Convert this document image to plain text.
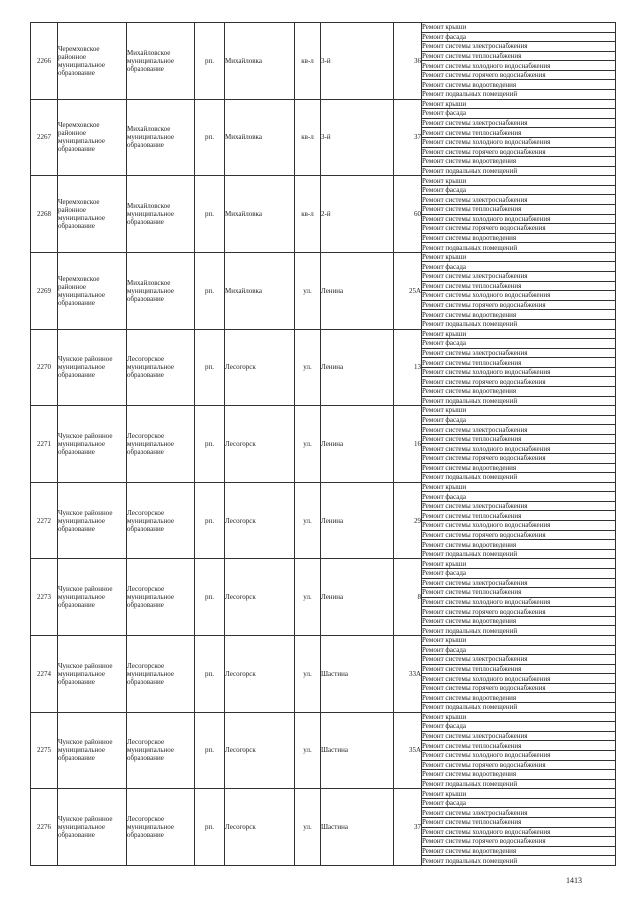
2266	Черемховское районное муниципальное образование	Михайловское муниципальное образование	рп.	Михайловка	кв-л	3-й	36	Ремонт крыши
								Ремонт фасада
								Ремонт системы электроснабжения
								Ремонт системы теплоснабжения
								Ремонт системы холодного водоснабжения
								Ремонт системы горячего водоснабжения
								Ремонт системы водоотведения
								Ремонт подвальных помещений
2267	Черемховское районное муниципальное образование	Михайловское муниципальное образование	рп.	Михайловка	кв-л	3-й	37	Ремонт крыши
								Ремонт фасада
								Ремонт системы электроснабжения
								Ремонт системы теплоснабжения
								Ремонт системы холодного водоснабжения
								Ремонт системы горячего водоснабжения
								Ремонт системы водоотведения
								Ремонт подвальных помещений
2268	Черемховское районное муниципальное образование	Михайловское муниципальное образование	рп.	Михайловка	кв-л	2-й	60	Ремонт крыши
								Ремонт фасада
								Ремонт системы электроснабжения
								Ремонт системы теплоснабжения
								Ремонт системы холодного водоснабжения
								Ремонт системы горячего водоснабжения
								Ремонт системы водоотведения
								Ремонт подвальных помещений
2269	Черемховское районное муниципальное образование	Михайловское муниципальное образование	рп.	Михайловка	ул.	Ленина	25А	Ремонт крыши
								Ремонт фасада
								Ремонт системы электроснабжения
								Ремонт системы теплоснабжения
								Ремонт системы холодного водоснабжения
								Ремонт системы горячего водоснабжения
								Ремонт системы водоотведения
								Ремонт подвальных помещений
2270	Чунское районное муниципальное образование	Лесогорское муниципальное образование	рп.	Лесогорск	ул.	Ленина	13	Ремонт крыши
								Ремонт фасада
								Ремонт системы электроснабжения
								Ремонт системы теплоснабжения
								Ремонт системы холодного водоснабжения
								Ремонт системы горячего водоснабжения
								Ремонт системы водоотведения
								Ремонт подвальных помещений
2271	Чунское районное муниципальное образование	Лесогорское муниципальное образование	рп.	Лесогорск	ул.	Ленина	16	Ремонт крыши
								Ремонт фасада
								Ремонт системы электроснабжения
								Ремонт системы теплоснабжения
								Ремонт системы холодного водоснабжения
								Ремонт системы горячего водоснабжения
								Ремонт системы водоотведения
								Ремонт подвальных помещений
2272	Чунское районное муниципальное образование	Лесогорское муниципальное образование	рп.	Лесогорск	ул.	Ленина	29	Ремонт крыши
								Ремонт фасада
								Ремонт системы электроснабжения
								Ремонт системы теплоснабжения
								Ремонт системы холодного водоснабжения
								Ремонт системы горячего водоснабжения
								Ремонт системы водоотведения
								Ремонт подвальных помещений
2273	Чунское районное муниципальное образование	Лесогорское муниципальное образование	рп.	Лесогорск	ул.	Ленина	8	Ремонт крыши
								Ремонт фасада
								Ремонт системы электроснабжения
								Ремонт системы теплоснабжения
								Ремонт системы холодного водоснабжения
								Ремонт системы горячего водоснабжения
								Ремонт системы водоотведения
								Ремонт подвальных помещений
2274	Чунское районное муниципальное образование	Лесогорское муниципальное образование	рп.	Лесогорск	ул.	Шастина	33А	Ремонт крыши
								Ремонт фасада
								Ремонт системы электроснабжения
								Ремонт системы теплоснабжения
								Ремонт системы холодного водоснабжения
								Ремонт системы горячего водоснабжения
								Ремонт системы водоотведения
								Ремонт подвальных помещений
2275	Чунское районное муниципальное образование	Лесогорское муниципальное образование	рп.	Лесогорск	ул.	Шастина	35А	Ремонт крыши
								Ремонт фасада
								Ремонт системы электроснабжения
								Ремонт системы теплоснабжения
								Ремонт системы холодного водоснабжения
								Ремонт системы горячего водоснабжения
								Ремонт системы водоотведения
								Ремонт подвальных помещений
2276	Чунское районное муниципальное образование	Лесогорское муниципальное образование	рп.	Лесогорск	ул.	Шастина	37	Ремонт крыши
								Ремонт фасада
								Ремонт системы электроснабжения
								Ремонт системы теплоснабжения
								Ремонт системы холодного водоснабжения
								Ремонт системы горячего водоснабжения
								Ремонт системы водоотведения
								Ремонт подвальных помещений
1413
